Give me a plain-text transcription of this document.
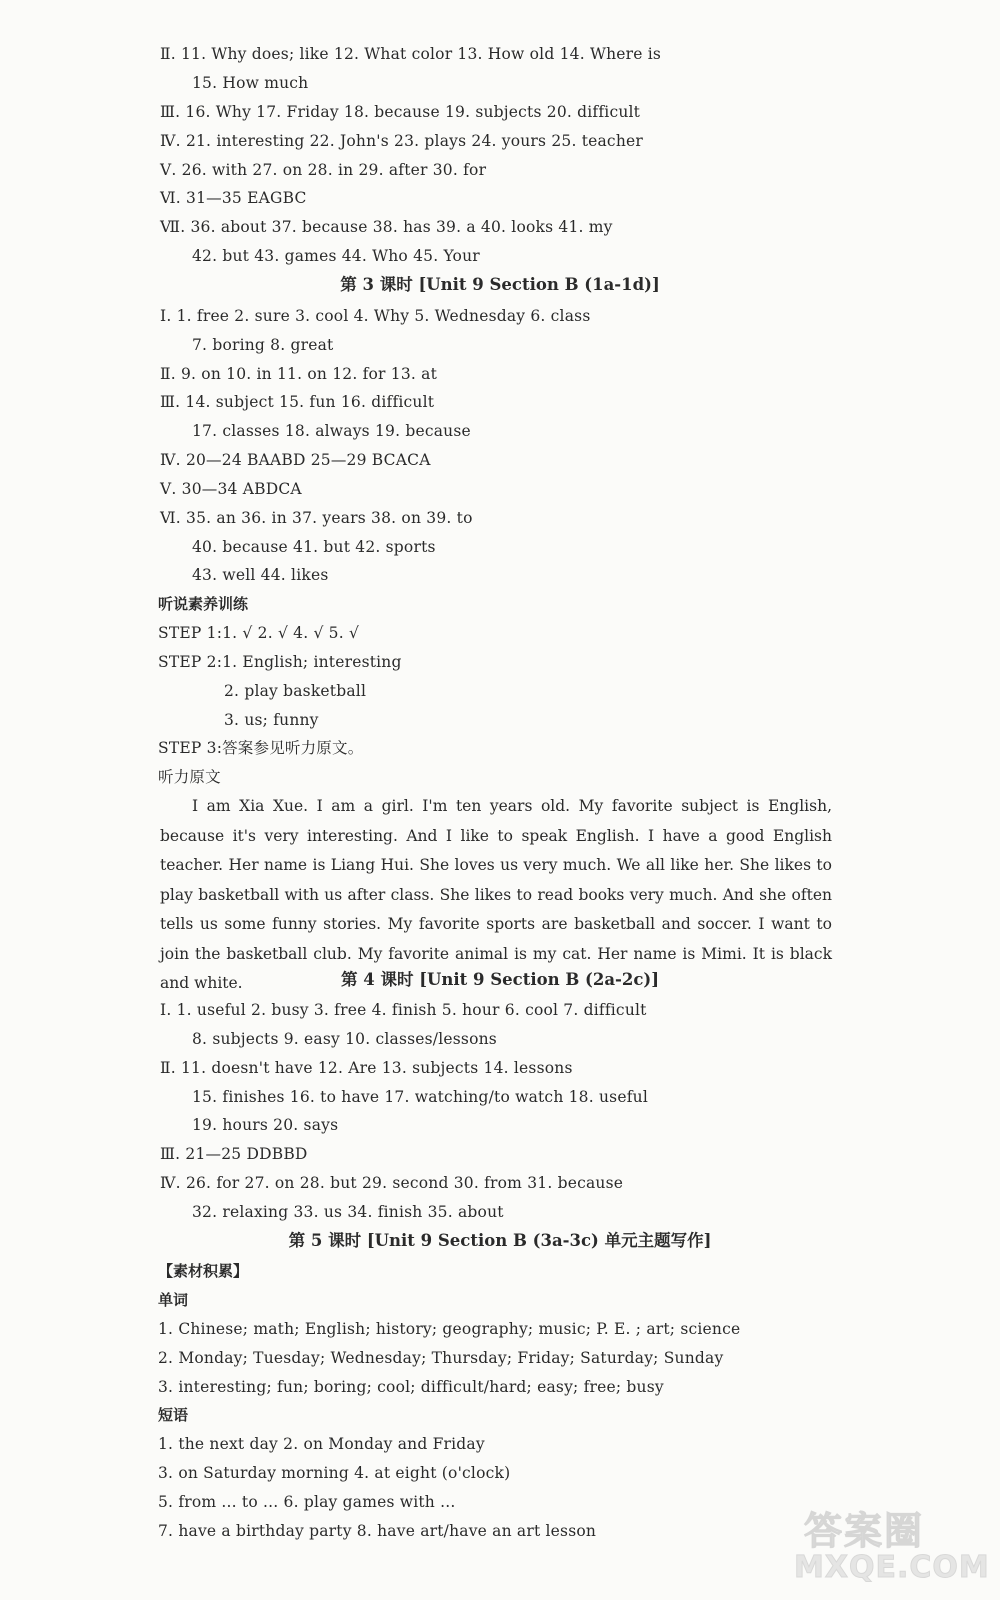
Ⅱ. 11. Why does; like 12. What color 13. How old 14. Where is
15. How much
Ⅲ. 16. Why 17. Friday 18. because 19. subjects 20. difficult
Ⅳ. 21. interesting 22. John's 23. plays 24. yours 25. teacher
Ⅴ. 26. with 27. on 28. in 29. after 30. for
Ⅵ. 31—35 EAGBC
Ⅶ. 36. about 37. because 38. has 39. a 40. looks 41. my
42. but 43. games 44. Who 45. Your
第 3 课时 [Unit 9 Section B (1a-1d)]
Ⅰ. 1. free 2. sure 3. cool 4. Why 5. Wednesday 6. class
7. boring 8. great
Ⅱ. 9. on 10. in 11. on 12. for 13. at
Ⅲ. 14. subject 15. fun 16. difficult
17. classes 18. always 19. because
Ⅳ. 20—24 BAABD 25—29 BCACA
Ⅴ. 30—34 ABDCA
Ⅵ. 35. an 36. in 37. years 38. on 39. to
40. because 41. but 42. sports
43. well 44. likes
听说素养训练
STEP 1:1. √ 2. √ 4. √ 5. √
STEP 2:1. English; interesting
2. play basketball
3. us; funny
STEP 3:答案参见听力原文。
听力原文
I am Xia Xue. I am a girl. I'm ten years old. My favorite subject is English, because it's very interesting. And I like to speak English. I have a good English teacher. Her name is Liang Hui. She loves us very much. We all like her. She likes to play basketball with us after class. She likes to read books very much. And she often tells us some funny stories. My favorite sports are basketball and soccer. I want to join the basketball club. My favorite animal is my cat. Her name is Mimi. It is black and white.	第 4 课时 [Unit 9 Section B (2a-2c)]
Ⅰ. 1. useful 2. busy 3. free 4. finish 5. hour 6. cool 7. difficult
8. subjects 9. easy 10. classes/lessons
Ⅱ. 11. doesn't have 12. Are 13. subjects 14. lessons
15. finishes 16. to have 17. watching/to watch 18. useful
19. hours 20. says
Ⅲ. 21—25 DDBBD
Ⅳ. 26. for 27. on 28. but 29. second 30. from 31. because
32. relaxing 33. us 34. finish 35. about
第 5 课时 [Unit 9 Section B (3a-3c) 单元主题写作]
【素材积累】
单词
1. Chinese; math; English; history; geography; music; P. E. ; art; science
2. Monday; Tuesday; Wednesday; Thursday; Friday; Saturday; Sunday
3. interesting; fun; boring; cool; difficult/hard; easy; free; busy
短语
1. the next day 2. on Monday and Friday
3. on Saturday morning 4. at eight (o'clock)
5. from ... to ... 6. play games with ...
7. have a birthday party 8. have art/have an art lesson	答案圈
MXQE.COM
